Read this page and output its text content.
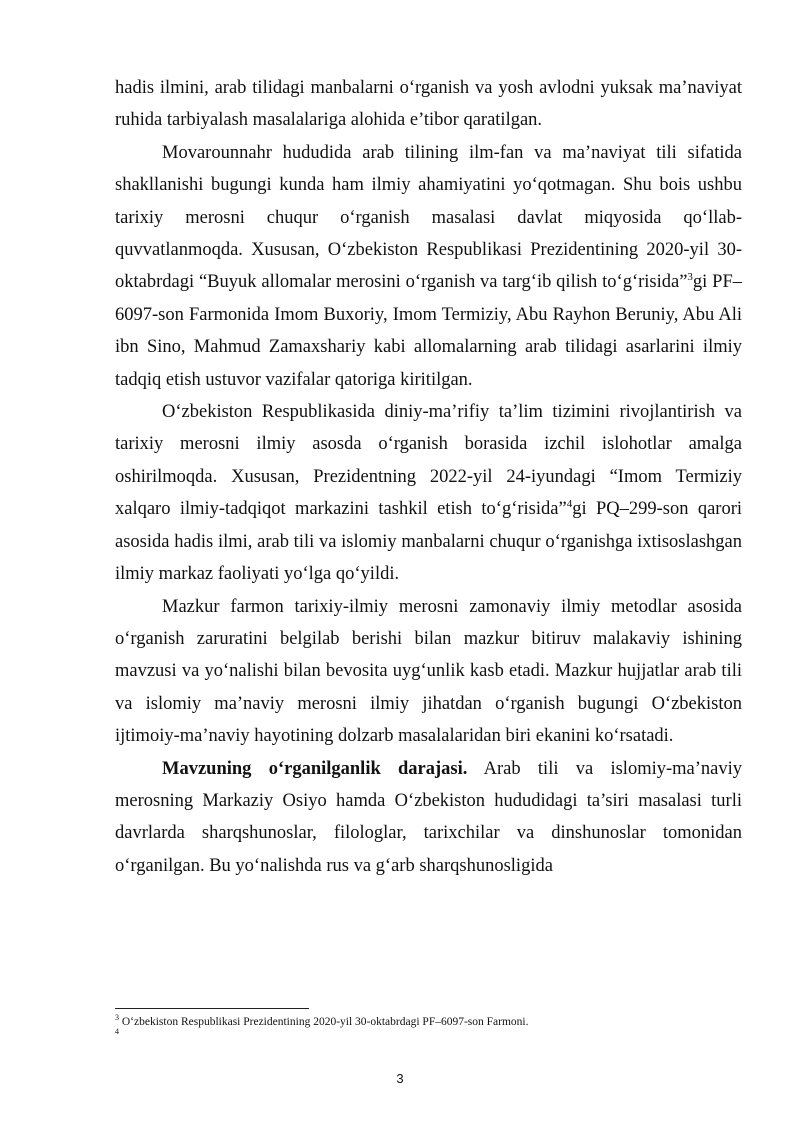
hadis ilmini, arab tilidagi manbalarni o‘rganish va yosh avlodni yuksak ma’naviyat ruhida tarbiyalash masalalariga alohida e’tibor qaratilgan.

Movarounnahr hududida arab tilining ilm-fan va ma’naviyat tili sifatida shakllanishi bugungi kunda ham ilmiy ahamiyatini yo‘qotmagan. Shu bois ushbu tarixiy merosni chuqur o‘rganish masalasi davlat miqyosida qo‘llab-quvvatlanmoqda. Xususan, O‘zbekiston Respublikasi Prezidentining 2020-yil 30-oktabrdagi “Buyuk allomalar merosini o‘rganish va targ‘ib qilish to‘g‘risida”$^3$gi PF–6097-son Farmonida Imom Buxoriy, Imom Termiziy, Abu Rayhon Beruniy, Abu Ali ibn Sino, Mahmud Zamaxshariy kabi allomalarning arab tilidagi asarlarini ilmiy tadqiq etish ustuvor vazifalar qatoriga kiritilgan.

O‘zbekiston Respublikasida diniy-ma’rifiy ta’lim tizimini rivojlantirish va tarixiy merosni ilmiy asosda o‘rganish borasida izchil islohotlar amalga oshirilmoqda. Xususan, Prezidentning 2022-yil 24-iyundagi “Imom Termiziy xalqaro ilmiy-tadqiqot markazini tashkil etish to‘g‘risida”$^4$gi PQ–299-son qarori asosida hadis ilmi, arab tili va islomiy manbalarni chuqur o‘rganishga ixtisoslashgan ilmiy markaz faoliyati yo‘lga qo‘yildi.

Mazkur farmon tarixiy-ilmiy merosni zamonaviy ilmiy metodlar asosida o‘rganish zaruratini belgilab berishi bilan mazkur bitiruv malakaviy ishining mavzusi va yo‘nalishi bilan bevosita uyg‘unlik kasb etadi. Mazkur hujjatlar arab tili va islomiy ma’naviy merosni ilmiy jihatdan o‘rganish bugungi O‘zbekiston ijtimoiy-ma’naviy hayotining dolzarb masalalaridan biri ekanini ko‘rsatadi.

Mavzuning o‘rganilganlik darajasi. Arab tili va islomiy-ma’naviy merosning Markaziy Osiyo hamda O‘zbekiston hududidagi ta’siri masalasi turli davrlarda sharqshunoslar, filologlar, tarixchilar va dinshunoslar tomonidan o‘rganilgan. Bu yo‘nalishda rus va g‘arb sharqshunosligida

$^3$ O‘zbekiston Respublikasi Prezidentining 2020-yil 30-oktabrdagi PF–6097-son Farmoni.

$^4$

3
